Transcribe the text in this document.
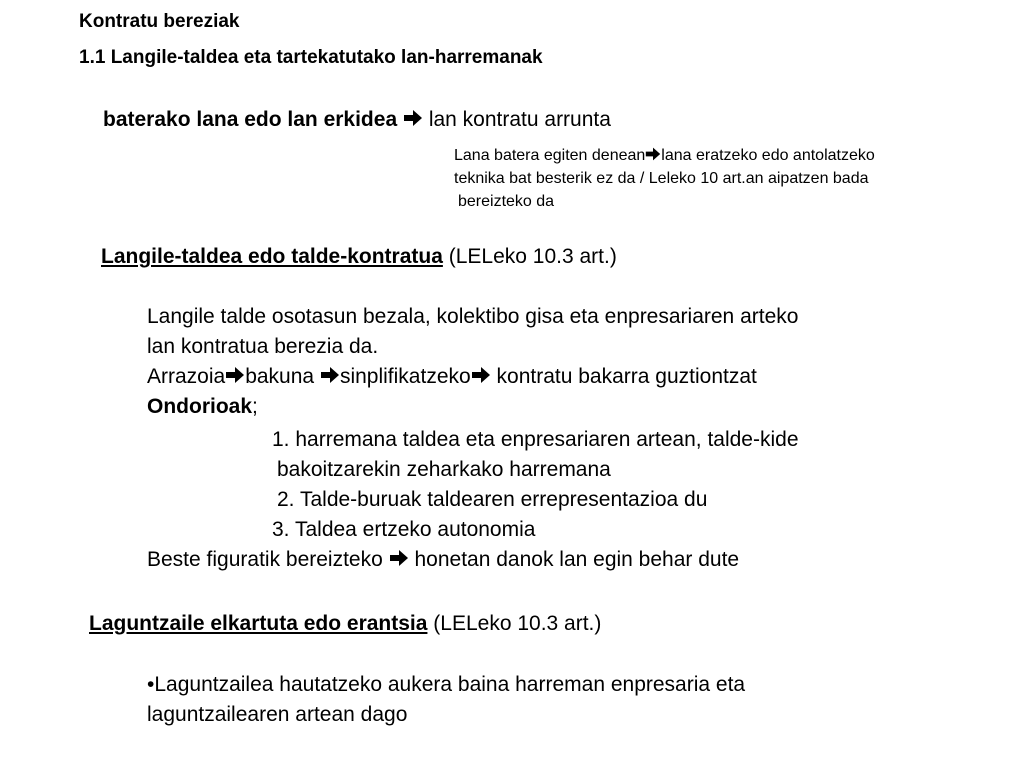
Kontratu bereziak
1.1 Langile-taldea eta tartekatutako lan-harremanak
baterako lana edo lan erkidea lan kontratu arrunta
Lana batera egiten denean lana eratzeko edo antolatzeko
teknika bat besterik ez da / Leleko 10 art.an aipatzen bada
bereizteko da
Langile-taldea edo talde-kontratua (LELeko 10.3 art.)
Langile talde osotasun bezala, kolektibo gisa eta enpresariaren arteko
lan kontratua berezia da.
Arrazoia bakuna sinplifikatzeko kontratu bakarra guztiontzat
Ondorioak;
1. harremana taldea eta enpresariaren artean, talde-kide
bakoitzarekin zeharkako harremana
2. Talde-buruak taldearen errepresentazioa du
3. Taldea ertzeko autonomia
Beste figuratik bereizteko honetan danok lan egin behar dute
Laguntzaile elkartuta edo erantsia (LELeko 10.3 art.)
•Laguntzailea hautatzeko aukera baina harreman enpresaria eta
laguntzailearen artean dago
